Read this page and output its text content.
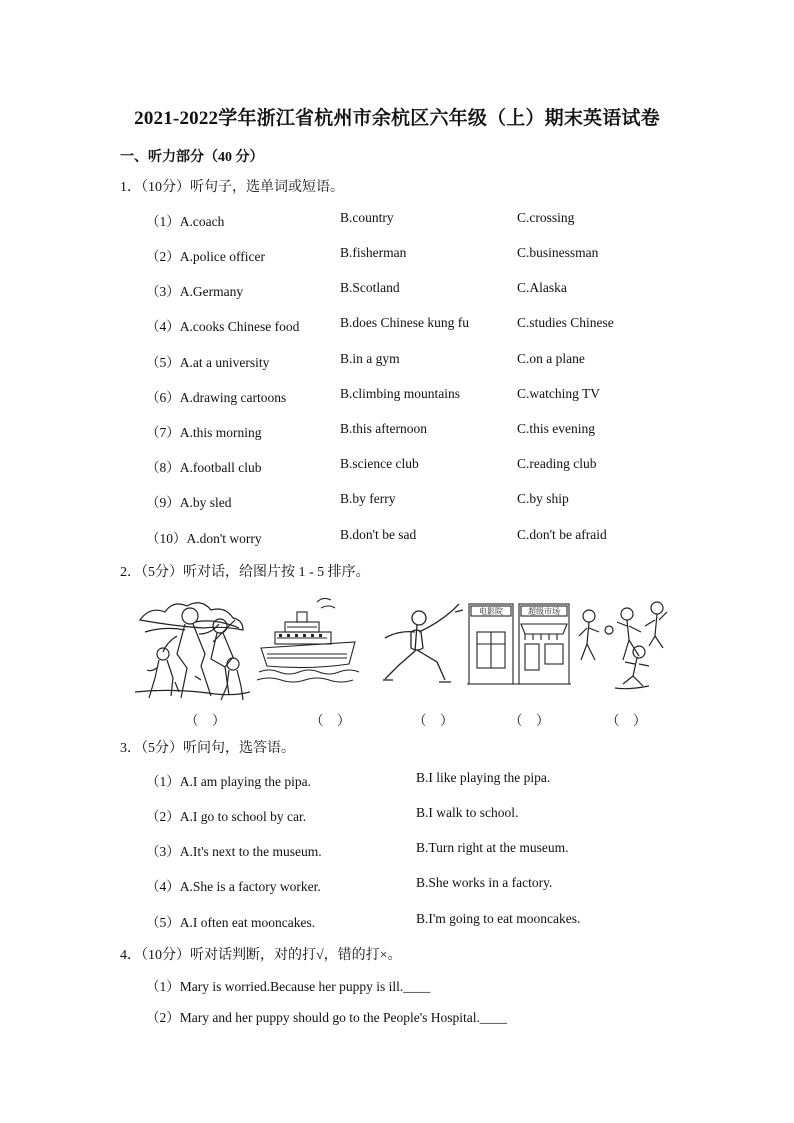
2021-2022学年浙江省杭州市余杭区六年级（上）期末英语试卷
一、听力部分（40 分）
1．（10分）听句子，选单词或短语。
（1）A.coach	B.country	C.crossing
（2）A.police officer	B.fisherman	C.businessman
（3）A.Germany	B.Scotland	C.Alaska
（4）A.cooks Chinese food	B.does Chinese kung fu	C.studies Chinese
（5）A.at a university	B.in a gym	C.on a plane
（6）A.drawing cartoons	B.climbing mountains	C.watching TV
（7）A.this morning	B.this afternoon	C.this evening
（8）A.football club	B.science club	C.reading club
（9）A.by sled	B.by ferry	C.by ship
（10）A.don't worry	B.don't be sad	C.don't be afraid
2．（5分）听对话，给图片按 1 - 5 排序。
电影院	超级市场
（　）	（　）	（　）	（　）	（　）
3．（5分）听问句，选答语。
（1）A.I am playing the pipa.	B.I like playing the pipa.
（2）A.I go to school by car.	B.I walk to school.
（3）A.It's next to the museum.	B.Turn right at the museum.
（4）A.She is a factory worker.	B.She works in a factory.
（5）A.I often eat mooncakes.	B.I'm going to eat mooncakes.
4．（10分）听对话判断，对的打√，错的打×。
（1）Mary is worried.Because her puppy is ill.____
（2）Mary and her puppy should go to the People's Hospital.____
